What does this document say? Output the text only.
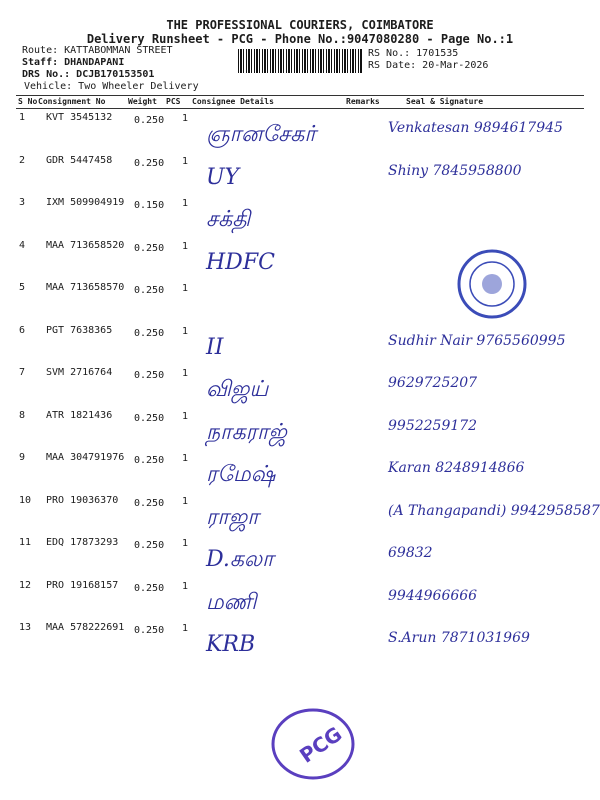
THE PROFESSIONAL COURIERS, COIMBATORE
Delivery Runsheet - PCG - Phone No.:9047080280 - Page No.:1
Route: KATTABOMMAN STREET
Staff: DHANDAPANI
DRS No.: DCJB170153501
Vehicle: Two Wheeler Delivery
RS No.: 1701535
RS Date: 20-Mar-2026
S No Consignment No	Weight PCS Consignee Details	Remarks	Seal & Signature
1 KVT 3545132 0.250 1
ஞானசேகர்	Venkatesan 9894617945
2 GDR 5447458 0.250 1
UY	Shiny 7845958800
3 IXM 509904919 0.150 1
சக்தி
4 MAA 713658520 0.250 1
HDFC
5 MAA 713658570 0.250 1
6 PGT 7638365 0.250 1
II	Sudhir Nair 9765560995
7 SVM 2716764 0.250 1
விஜய்	9629725207
8 ATR 1821436 0.250 1
நாகராஜ்	9952259172
9 MAA 304791976 0.250 1
ரமேஷ்	Karan 8248914866
10 PRO 19036370 0.250 1
ராஜா	(A Thangapandi) 9942958587
11 EDQ 17873293 0.250 1
D.கலா	69832
12 PRO 19168157 0.250 1
மணி	9944966666
13 MAA 578222691 0.250 1
KRB	S.Arun 7871031969
PCG
